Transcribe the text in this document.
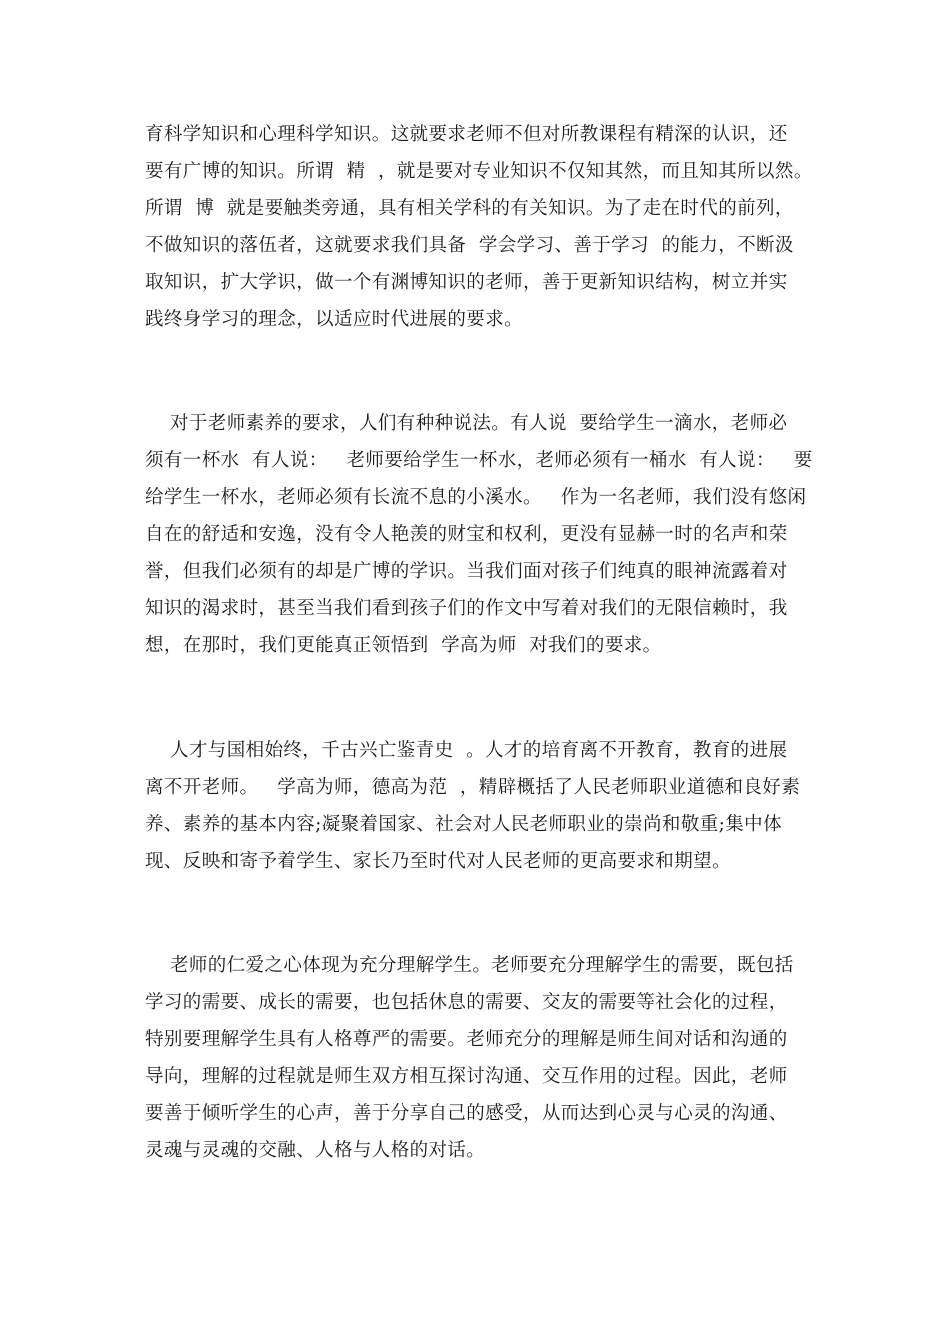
育科学知识和心理科学知识。这就要求老师不但对所教课程有精深的认识，还
要有广博的知识。所谓  精  ，就是要对专业知识不仅知其然，而且知其所以然。
所谓  博  就是要触类旁通，具有相关学科的有关知识。为了走在时代的前列，
不做知识的落伍者，这就要求我们具备  学会学习、善于学习  的能力，不断汲
取知识，扩大学识，做一个有渊博知识的老师，善于更新知识结构，树立并实
践终身学习的理念，以适应时代进展的要求。
对于老师素养的要求，人们有种种说法。有人说  要给学生一滴水，老师必
须有一杯水  有人说：   老师要给学生一杯水，老师必须有一桶水  有人说：   要
给学生一杯水，老师必须有长流不息的小溪水。   作为一名老师，我们没有悠闲
自在的舒适和安逸，没有令人艳羡的财宝和权利，更没有显赫一时的名声和荣
誉，但我们必须有的却是广博的学识。当我们面对孩子们纯真的眼神流露着对
知识的渴求时，甚至当我们看到孩子们的作文中写着对我们的无限信赖时，我
想，在那时，我们更能真正领悟到  学高为师  对我们的要求。
人才与国相始终，千古兴亡鉴青史  。人才的培育离不开教育，教育的进展
离不开老师。   学高为师，德高为范  ，精辟概括了人民老师职业道德和良好素
养、素养的基本内容;凝聚着国家、社会对人民老师职业的崇尚和敬重;集中体
现、反映和寄予着学生、家长乃至时代对人民老师的更高要求和期望。
老师的仁爱之心体现为充分理解学生。老师要充分理解学生的需要，既包括
学习的需要、成长的需要，也包括休息的需要、交友的需要等社会化的过程，
特别要理解学生具有人格尊严的需要。老师充分的理解是师生间对话和沟通的
导向，理解的过程就是师生双方相互探讨沟通、交互作用的过程。因此，老师
要善于倾听学生的心声，善于分享自己的感受，从而达到心灵与心灵的沟通、
灵魂与灵魂的交融、人格与人格的对话。
